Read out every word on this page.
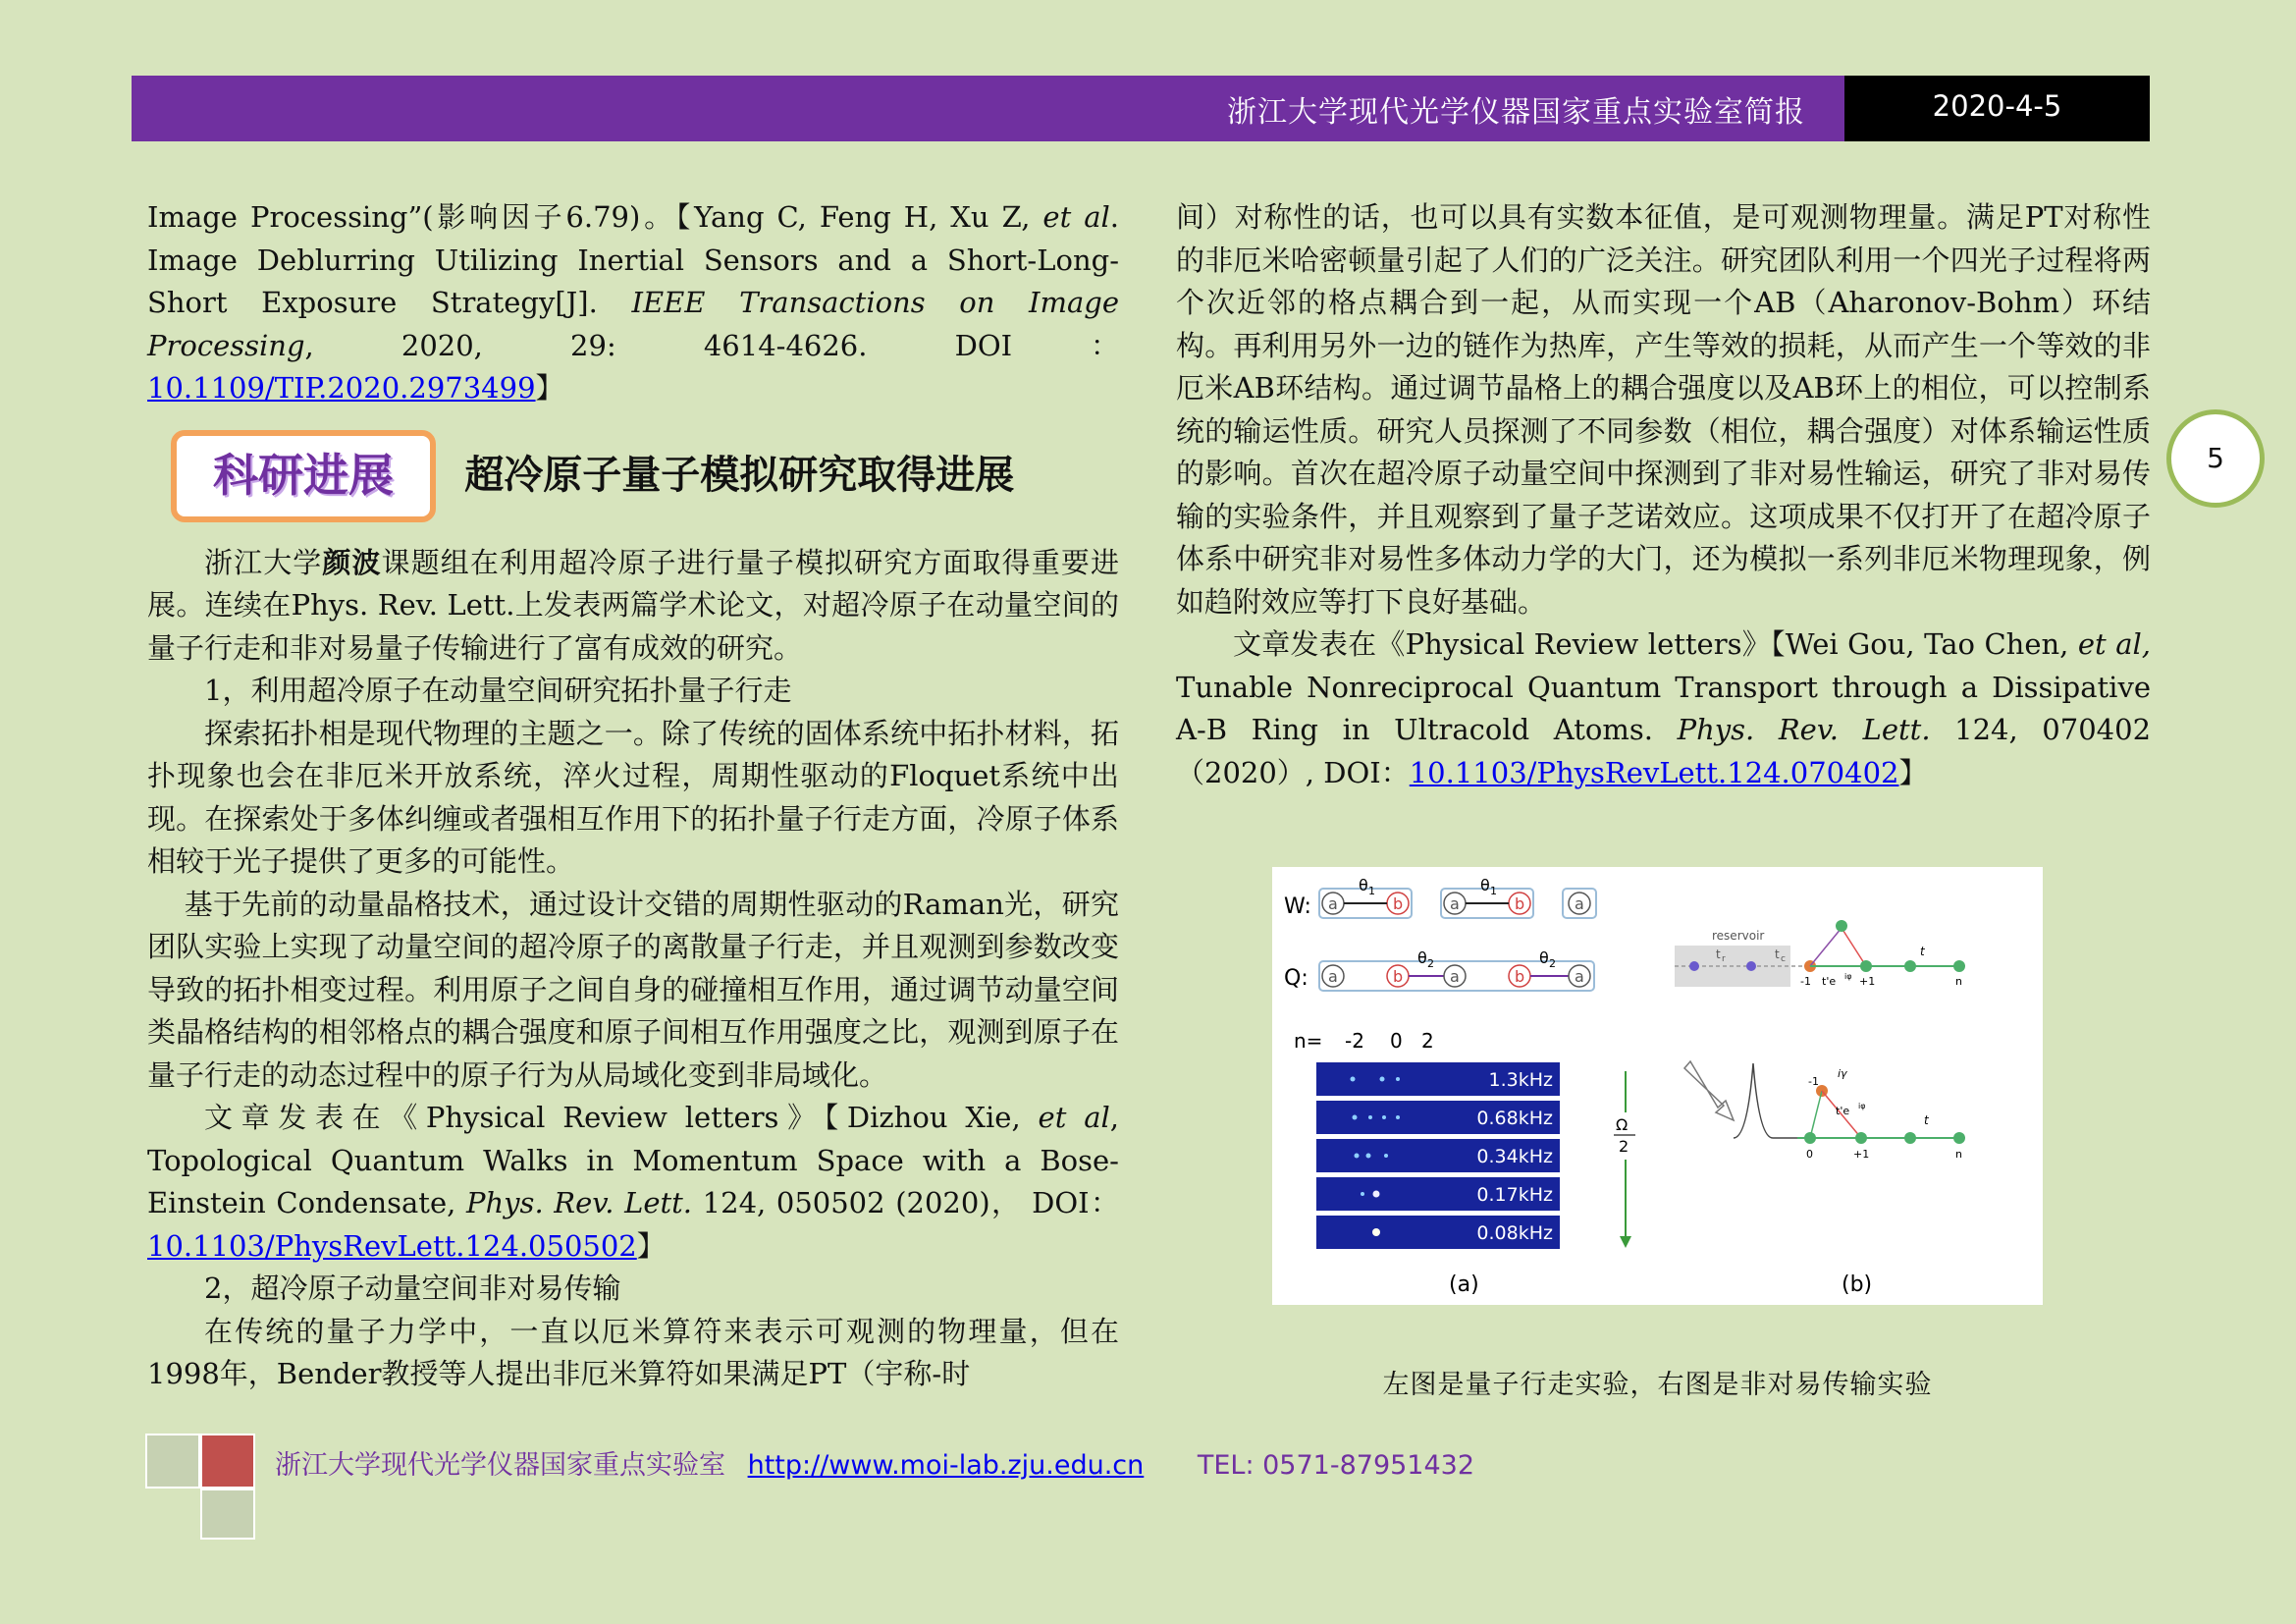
浙江大学现代光学仪器国家重点实验室简报	2020-4-5
5

Image Processing”(影响因子6.79)。【Yang C, Feng H, Xu Z, et al. Image Deblurring Utilizing Inertial Sensors and a Short-Long-Short Exposure Strategy[J]. IEEE Transactions on Image Processing, 2020, 29: 4614-4626. DOI：10.1109/TIP.2020.2973499】

科研进展 超冷原子量子模拟研究取得进展

浙江大学颜波课题组在利用超冷原子进行量子模拟研究方面取得重要进展。连续在Phys. Rev. Lett.上发表两篇学术论文，对超冷原子在动量空间的量子行走和非对易量子传输进行了富有成效的研究。

1，利用超冷原子在动量空间研究拓扑量子行走

探索拓扑相是现代物理的主题之一。除了传统的固体系统中拓扑材料，拓扑现象也会在非厄米开放系统，淬火过程，周期性驱动的Floquet系统中出现。在探索处于多体纠缠或者强相互作用下的拓扑量子行走方面，冷原子体系相较于光子提供了更多的可能性。

基于先前的动量晶格技术，通过设计交错的周期性驱动的Raman光，研究团队实验上实现了动量空间的超冷原子的离散量子行走，并且观测到参数改变导致的拓扑相变过程。利用原子之间自身的碰撞相互作用，通过调节动量空间类晶格结构的相邻格点的耦合强度和原子间相互作用强度之比，观测到原子在量子行走的动态过程中的原子行为从局域化变到非局域化。

文章发表在《Physical Review letters》【Dizhou Xie, et al, Topological Quantum Walks in Momentum Space with a Bose-Einstein Condensate, Phys. Rev. Lett. 124, 050502 (2020)， DOI：10.1103/PhysRevLett.124.050502】

2，超冷原子动量空间非对易传输

在传统的量子力学中，一直以厄米算符来表示可观测的物理量，但在1998年，Bender教授等人提出非厄米算符如果满足PT（宇称-时

间）对称性的话，也可以具有实数本征值，是可观测物理量。满足PT对称性的非厄米哈密顿量引起了人们的广泛关注。研究团队利用一个四光子过程将两个次近邻的格点耦合到一起，从而实现一个AB（Aharonov-Bohm）环结构。再利用另外一边的链作为热库，产生等效的损耗，从而产生一个等效的非厄米AB环结构。通过调节晶格上的耦合强度以及AB环上的相位，可以控制系统的输运性质。研究人员探测了不同参数（相位，耦合强度）对体系输运性质的影响。首次在超冷原子动量空间中探测到了非对易性输运，研究了非对易传输的实验条件，并且观察到了量子芝诺效应。这项成果不仅打开了在超冷原子体系中研究非对易性多体动力学的大门，还为模拟一系列非厄米物理现象，例如趋附效应等打下良好基础。

文章发表在《Physical Review letters》【Wei Gou, Tao Chen, et al, Tunable Nonreciprocal Quantum Transport through a Dissipative A-B Ring in Ultracold Atoms. Phys. Rev. Lett. 124, 070402（2020）, DOI：10.1103/PhysRevLett.124.070402】

W: a	b
θ 1
a	b
θ 1
a
Q: a	b
θ 2
a	b
θ 2
a
n= -2 0 2
1.3kHz
0.68kHz
0.34kHz
0.17kHz
0.08kHz
Ω
2
(a)
reservoir
t r	t c
-1 t'e iφ +1
t
n
-1
iγ
t'e iφ
0	+1
t
n
(b)
左图是量子行走实验，右图是非对易传输实验
浙江大学现代光学仪器国家重点实验室 http://www.moi-lab.zju.edu.cn TEL: 0571-87951432
